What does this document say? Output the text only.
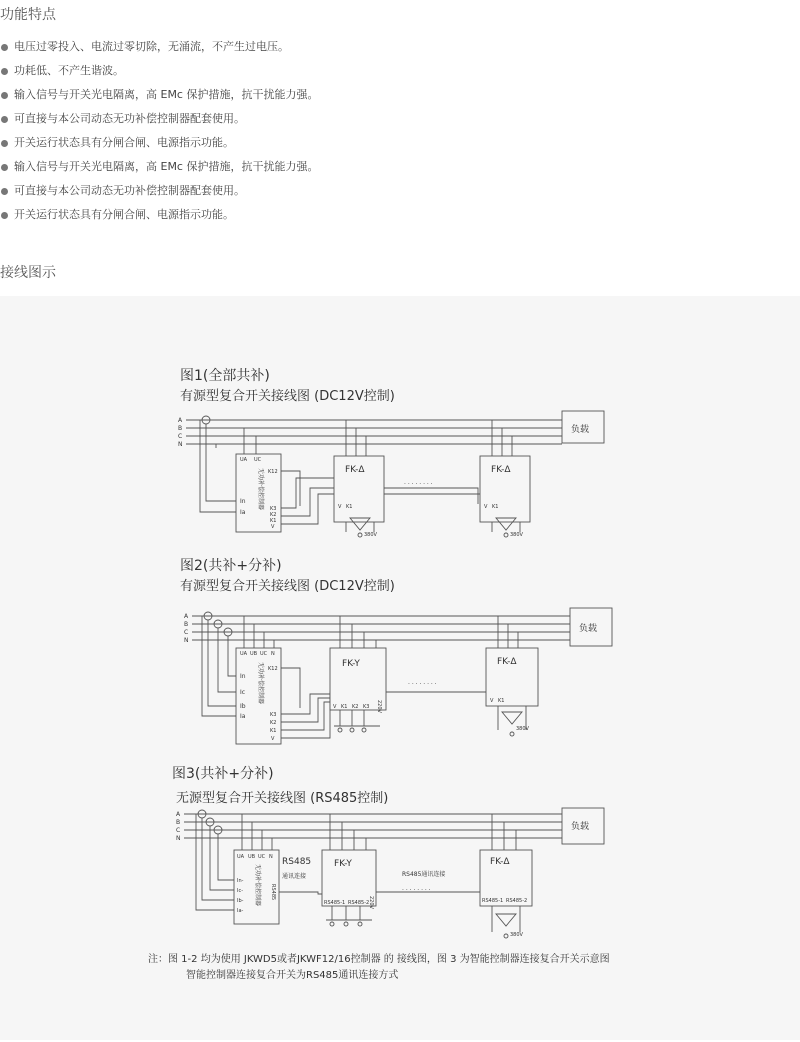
功能特点
电压过零投入、电流过零切除，无涌流，不产生过电压。
功耗低、不产生谐波。
输入信号与开关光电隔离，高 EMc 保护措施，抗干扰能力强。
可直接与本公司动态无功补偿控制器配套使用。
开关运行状态具有分闸合闸、电源指示功能。
输入信号与开关光电隔离，高 EMc 保护措施，抗干扰能力强。
可直接与本公司动态无功补偿控制器配套使用。
开关运行状态具有分闸合闸、电源指示功能。
接线图示
图1(全部共补)
有源型复合开关接线图 (DC12V控制)
A
B
C
N
负载
UA UC
In
Ia
K12
K3
K2
K1
V
无功补偿控制器	FK-Δ	FK-Δ
V K1	V K1
· · · · · · · ·
380V	380V
图2(共补+分补)
有源型复合开关接线图 (DC12V控制)
A
B
C
N
负载
UA UB UC N
In
Ic
Ib
Ia
K12
K3
K2
K1
V
无功补偿控制器	FK-Y	FK-Δ
V K1 K2 K3
V K1
· · · · · · · ·
220V
380V
图3(共补+分补)
无源型复合开关接线图 (RS485控制)
A
B
C
N
负载
UA UB UC N
In-
Ic-
Ib-
Ia-
RS485
无功补偿控制器
RS485
通讯连接
FK-Y	FK-Δ
RS485-1 RS485-2	RS485-1 RS485-2
RS485通讯连接
· · · · · · · ·
220V
380V
注：图 1-2 均为使用 JKWD5或者JKWF12/16控制器 的 接线图，图 3 为智能控制器连接复合开关示意图
智能控制器连接复合开关为RS485通讯连接方式
